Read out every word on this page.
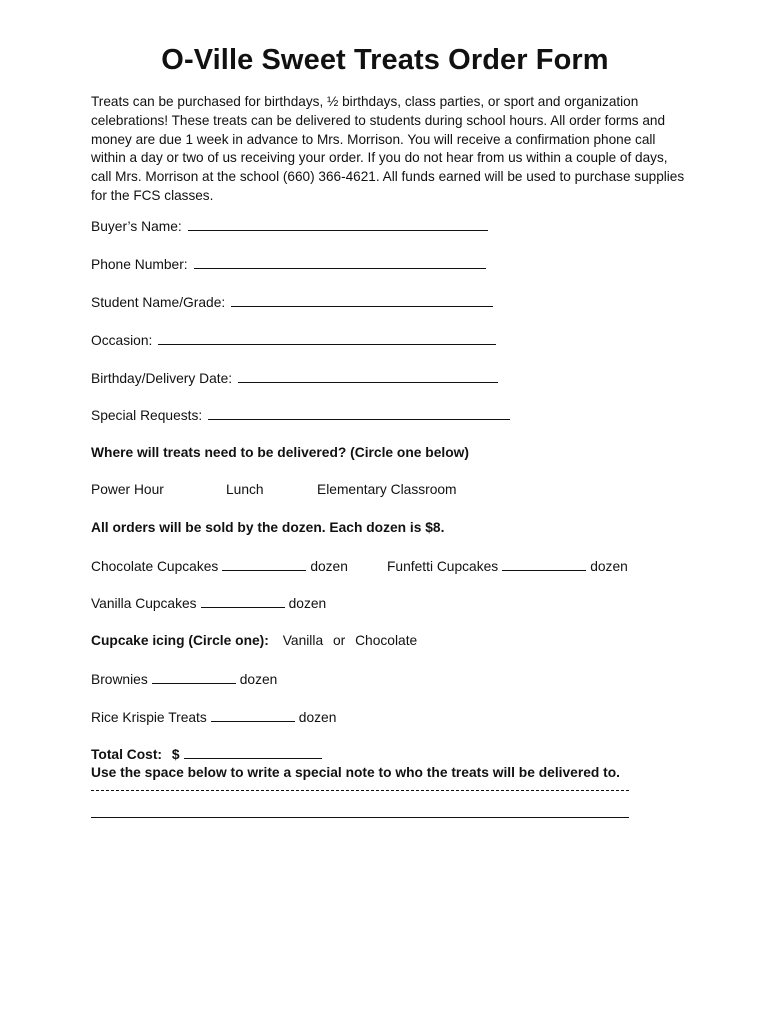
O-Ville Sweet Treats Order Form

Treats can be purchased for birthdays, ½ birthdays, class parties, or sport and organization celebrations! These treats can be delivered to students during school hours. All order forms and money are due 1 week in advance to Mrs. Morrison. You will receive a confirmation phone call within a day or two of us receiving your order. If you do not hear from us within a couple of days, call Mrs. Morrison at the school (660) 366-4621. All funds earned will be used to purchase supplies for the FCS classes.

Buyer’s Name:
Phone Number:
Student Name/Grade:
Occasion:
Birthday/Delivery Date:
Special Requests:
Where will treats need to be delivered? (Circle one below)
Power Hour	Lunch	Elementary Classroom
All orders will be sold by the dozen. Each dozen is $8.
Chocolate Cupcakes	dozen	Funfetti Cupcakes	dozen
Vanilla Cupcakes	dozen
Cupcake icing (Circle one): Vanilla or Chocolate
Brownies	dozen
Rice Krispie Treats	dozen
Total Cost: $
Use the space below to write a special note to who the treats will be delivered to.
